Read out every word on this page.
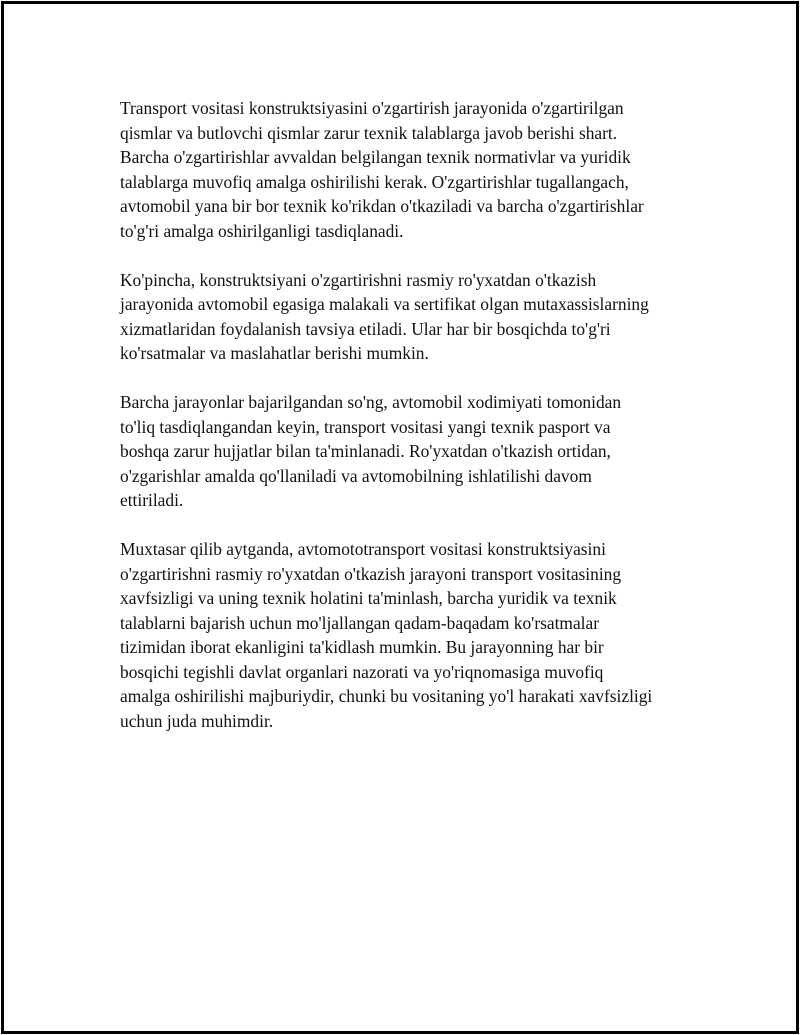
Transport vositasi konstruktsiyasini o'zgartirish jarayonida o'zgartirilgan
qismlar va butlovchi qismlar zarur texnik talablarga javob berishi shart.
Barcha o'zgartirishlar avvaldan belgilangan texnik normativlar va yuridik
talablarga muvofiq amalga oshirilishi kerak. O'zgartirishlar tugallangach,
avtomobil yana bir bor texnik ko'rikdan o'tkaziladi va barcha o'zgartirishlar
to'g'ri amalga oshirilganligi tasdiqlanadi.

Ko'pincha, konstruktsiyani o'zgartirishni rasmiy ro'yxatdan o'tkazish
jarayonida avtomobil egasiga malakali va sertifikat olgan mutaxassislarning
xizmatlaridan foydalanish tavsiya etiladi. Ular har bir bosqichda to'g'ri
ko'rsatmalar va maslahatlar berishi mumkin.

Barcha jarayonlar bajarilgandan so'ng, avtomobil xodimiyati tomonidan
to'liq tasdiqlangandan keyin, transport vositasi yangi texnik pasport va
boshqa zarur hujjatlar bilan ta'minlanadi. Ro'yxatdan o'tkazish ortidan,
o'zgarishlar amalda qo'llaniladi va avtomobilning ishlatilishi davom
ettiriladi.

Muxtasar qilib aytganda, avtomototransport vositasi konstruktsiyasini
o'zgartirishni rasmiy ro'yxatdan o'tkazish jarayoni transport vositasining
xavfsizligi va uning texnik holatini ta'minlash, barcha yuridik va texnik
talablarni bajarish uchun mo'ljallangan qadam-baqadam ko'rsatmalar
tizimidan iborat ekanligini ta'kidlash mumkin. Bu jarayonning har bir
bosqichi tegishli davlat organlari nazorati va yo'riqnomasiga muvofiq
amalga oshirilishi majburiydir, chunki bu vositaning yo'l harakati xavfsizligi
uchun juda muhimdir.
